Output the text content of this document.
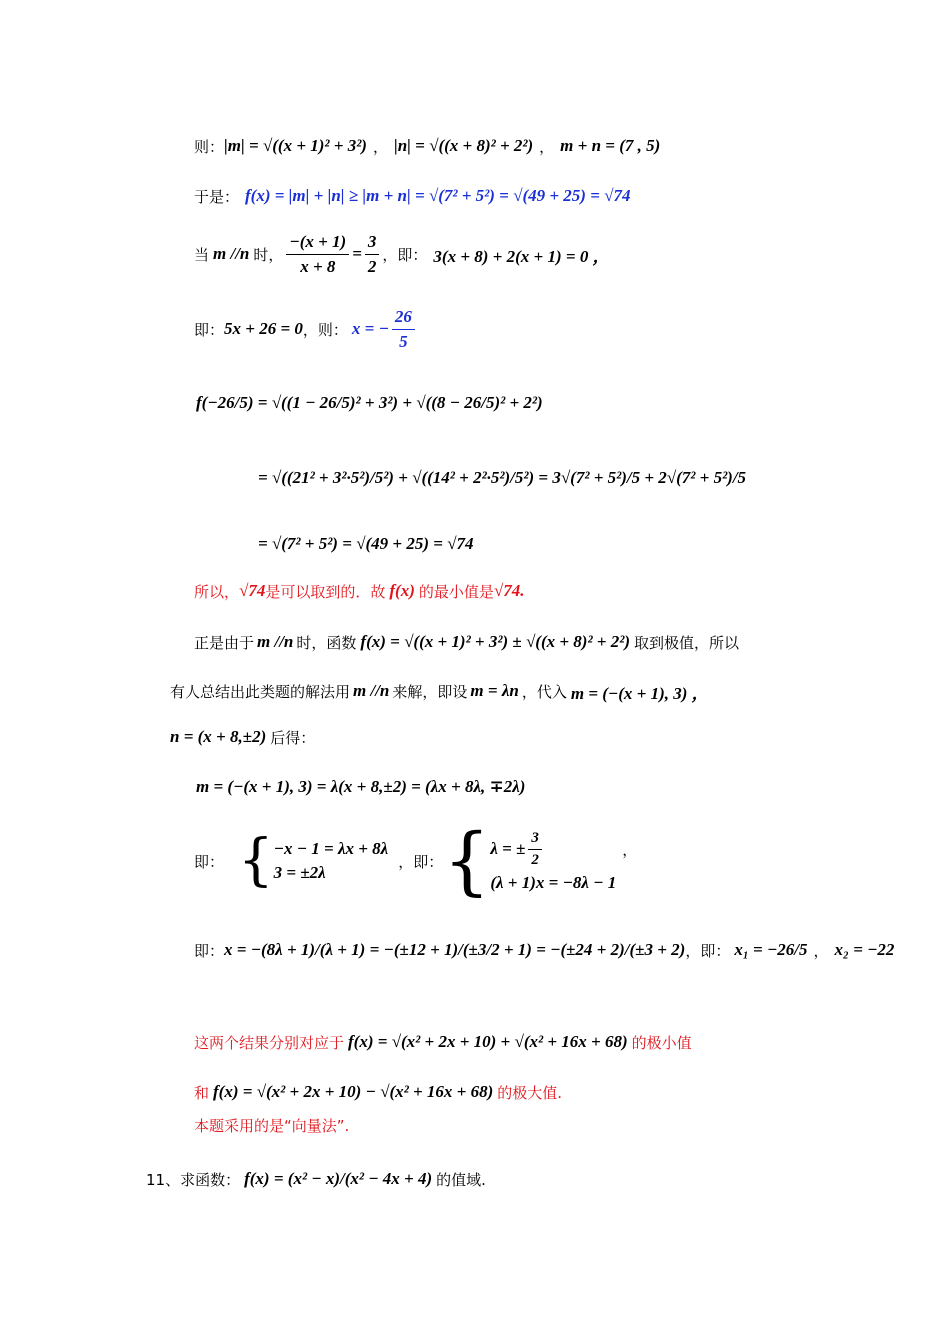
则： |m| = √((x + 1)² + 3²) ， |n| = √((x + 8)² + 2²) ， m + n = (7 , 5)
于是： f(x) = |m| + |n| ≥ |m + n| = √(7² + 5²) = √(49 + 25) = √74
当 m //n 时， $\frac{-(x + 1)}{x + 8} = \frac{3}{2}$ ，即： 3(x + 8) + 2(x + 1) = 0 ，
即： 5x + 26 = 0 ，则： x = − $\frac{26}{5}$
f(−26/5) = √((1 − 26/5)² + 3²) + √((8 − 26/5)² + 2²)
= √((21² + 3²·5²)/5²) + √((14² + 2²·5²)/5²) = 3√(7² + 5²)/5 + 2√(7² + 5²)/5
= √(7² + 5²) = √(49 + 25) = √74
所以， √74 是可以取到的．故 f(x) 的最小值是 √74 .
正是由于 m //n 时，函数 f(x) = √((x + 1)² + 3²) ± √((x + 8)² + 2²) 取到极值，所以
有人总结出此类题的解法用 m //n 来解，即设 m = λn ，代入 m = (−(x + 1), 3) ，
n = (x + 8,±2) 后得：
m = (−(x + 1), 3) = λ(x + 8,±2) = (λx + 8λ, ∓2λ)
即： { −x − 1 = λx + 8λ
3 = ±2λ
，即： { λ = ± $\frac{3}{2}$
(λ + 1)x = −8λ − 1
，
即： x = −(8λ + 1)/(λ + 1) = −(±12 + 1)/(±3/2 + 1) = −(±24 + 2)/(±3 + 2) ，即： x₁ = −26/5 ， x₂ = −22
这两个结果分别对应于 f(x) = √(x² + 2x + 10) + √(x² + 16x + 68) 的极小值
和 f(x) = √(x² + 2x + 10) − √(x² + 16x + 68) 的极大值.
本题采用的是“向量法”.
11、 求函数： f(x) = (x² − x)/(x² − 4x + 4) 的值域.
